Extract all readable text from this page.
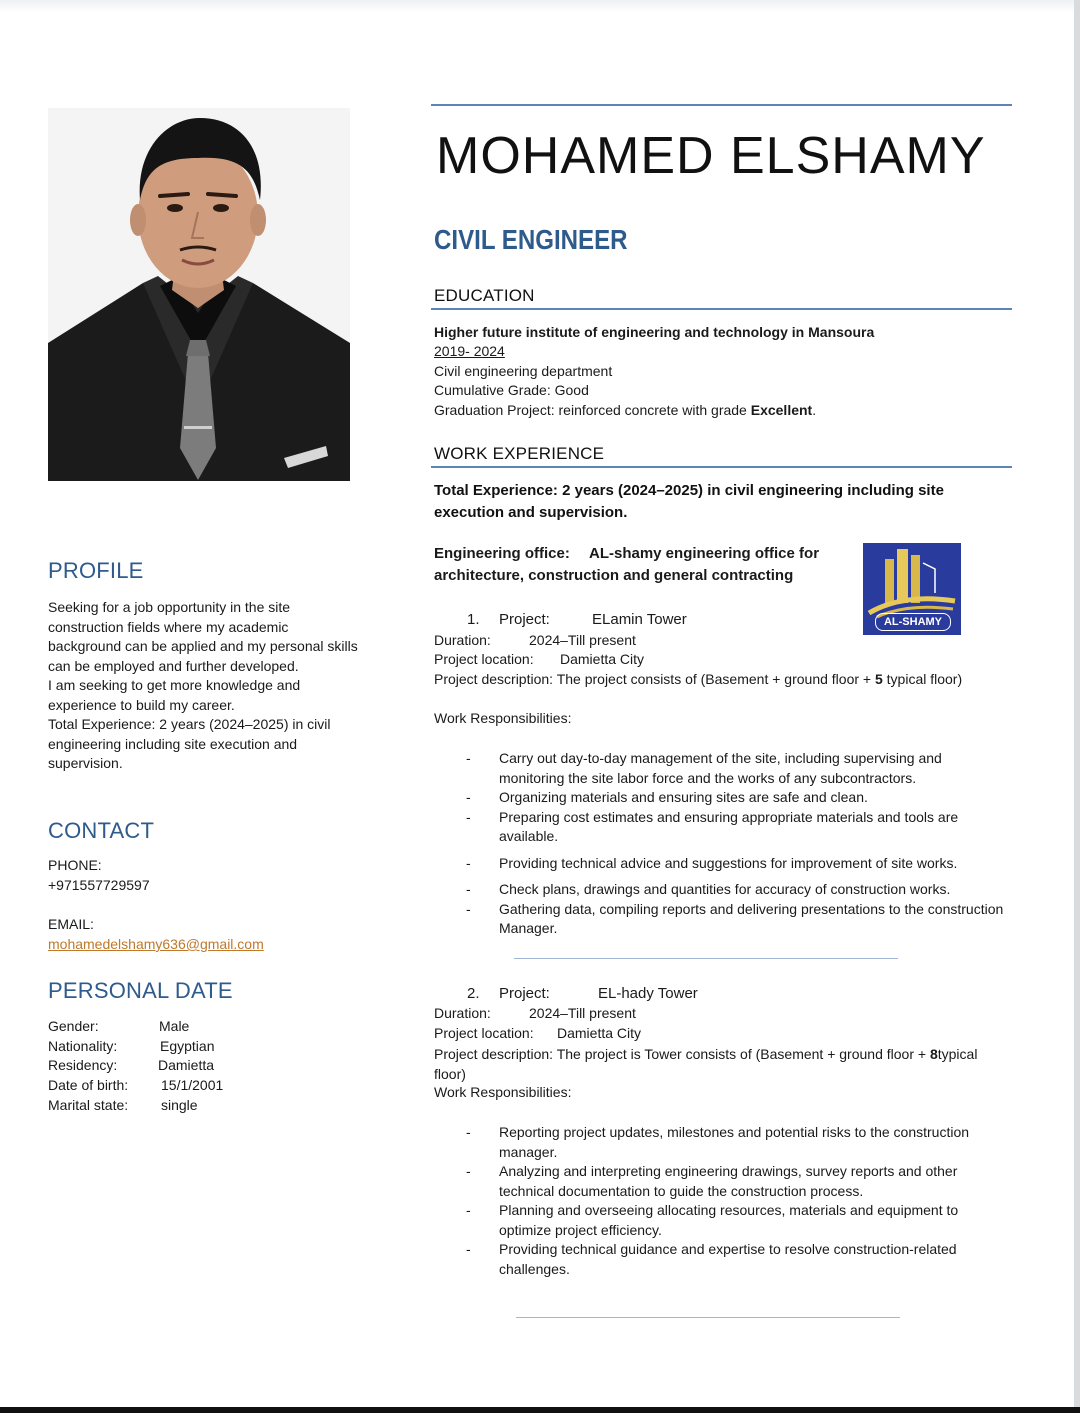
PROFILE

Seeking for a job opportunity in the site construction fields where my academic background can be applied and my personal skills can be employed and further developed.

I am seeking to get more knowledge and experience to build my career.

Total Experience: 2 years (2024–2025) in civil engineering including site execution and supervision.

CONTACT
PHONE:
+971557729597
EMAIL:
mohamedelshamy636@gmail.com
PERSONAL DATE
Gender:	Male
Nationality:	Egyptian
Residency:	Damietta
Date of birth: 15/1/2001
Marital state: single
MOHAMED ELSHAMY
CIVIL ENGINEER
EDUCATION
Higher future institute of engineering and technology in Mansoura
2019- 2024
Civil engineering department
Cumulative Grade: Good
Graduation Project: reinforced concrete with grade Excellent.
WORK EXPERIENCE
Total Experience: 2 years (2024–2025) in civil engineering including site
execution and supervision.
Engineering office: AL-shamy engineering office for
architecture, construction and general contracting
AL-SHAMY
1. Project:	ELamin Tower
Duration:	2024–Till present
Project location: Damietta City
Project description: The project consists of (Basement + ground floor + 5 typical floor)
Work Responsibilities:
- Carry out day-to-day management of the site, including supervising and monitoring the site labor force and the works of any subcontractors.
- Organizing materials and ensuring sites are safe and clean.
- Preparing cost estimates and ensuring appropriate materials and tools are available.
- Providing technical advice and suggestions for improvement of site works.
- Check plans, drawings and quantities for accuracy of construction works.
- Gathering data, compiling reports and delivering presentations to the construction Manager.
2. Project:	EL-hady Tower
Duration:	2024–Till present
Project location: Damietta City
Project description: The project is Tower consists of (Basement + ground floor + 8typical floor)
Work Responsibilities:
- Reporting project updates, milestones and potential risks to the construction manager.
- Analyzing and interpreting engineering drawings, survey reports and other technical documentation to guide the construction process.
- Planning and overseeing allocating resources, materials and equipment to optimize project efficiency.
- Providing technical guidance and expertise to resolve construction-related challenges.
